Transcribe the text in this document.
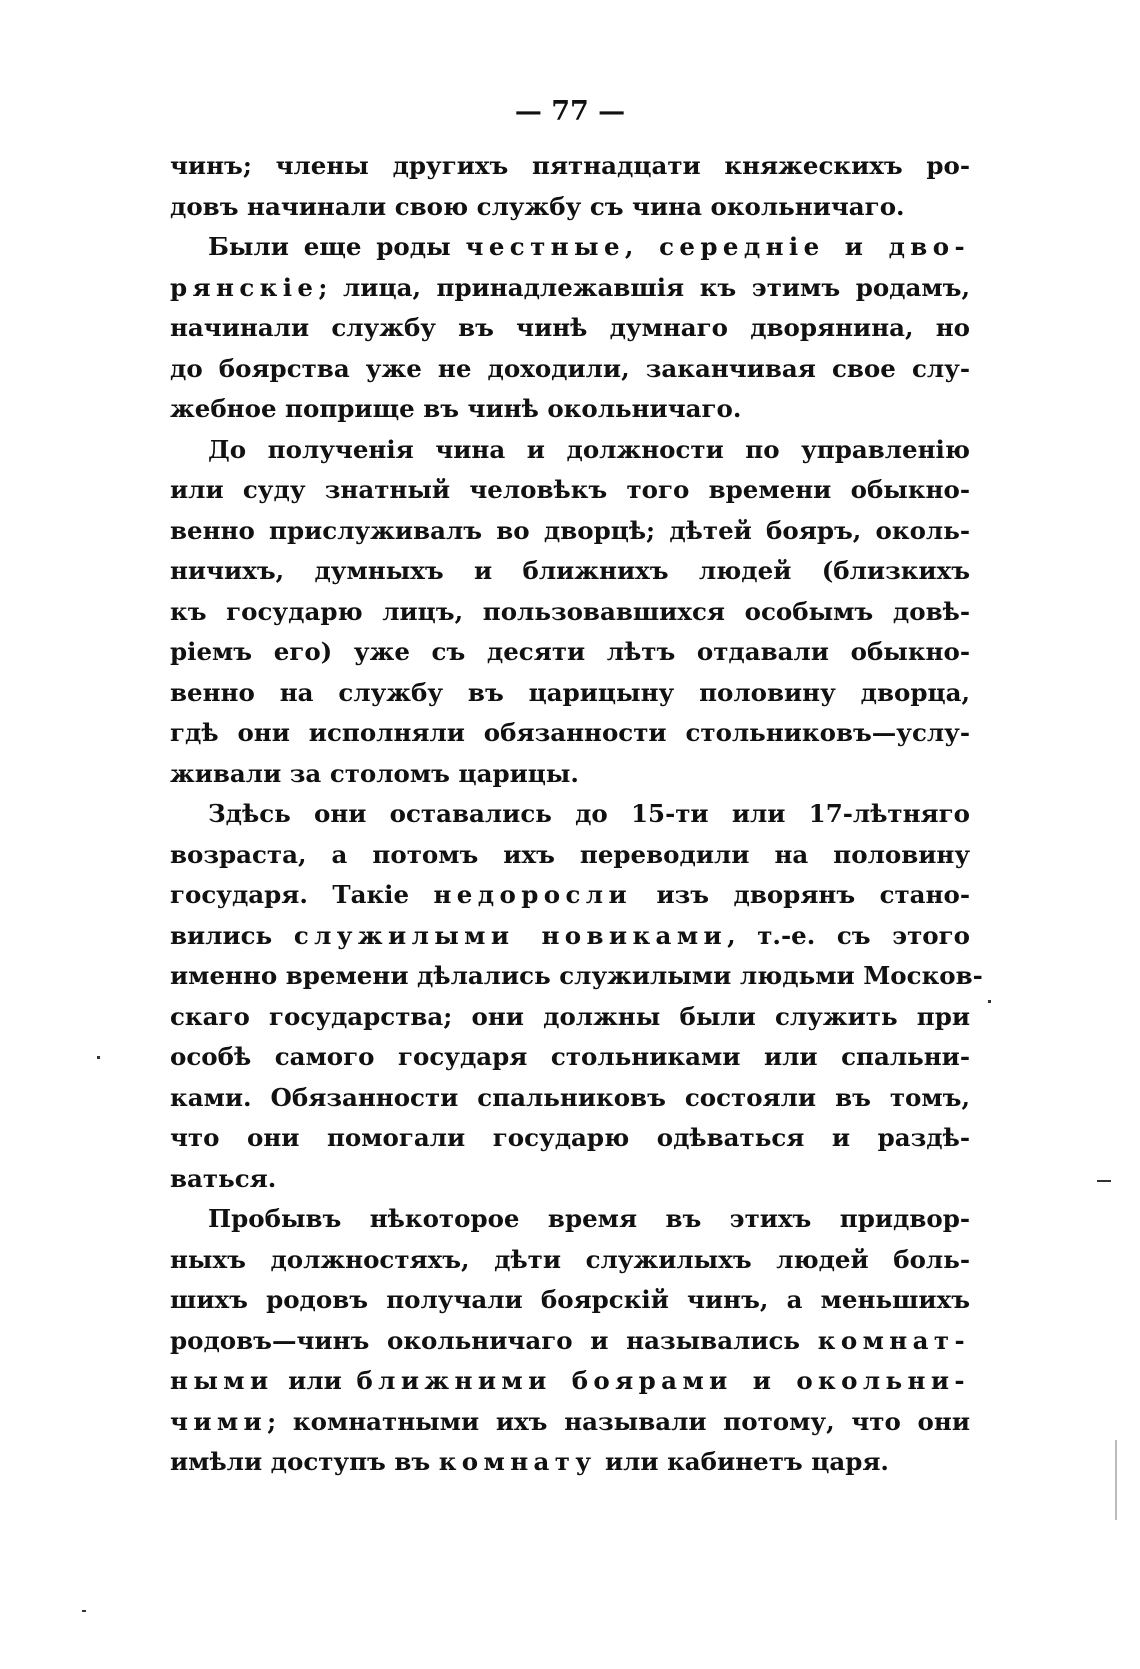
— 77 —
чинъ; члены другихъ пятнадцати княжескихъ ро-
довъ начинали свою службу съ чина окольничаго.
Были еще роды честные, середніе и дво-
рянскіе; лица, принадлежавшія къ этимъ родамъ,
начинали службу въ чинѣ думнаго дворянина, но
до боярства уже не доходили, заканчивая свое слу-
жебное поприще въ чинѣ окольничаго.
До полученія чина и должности по управленію
или суду знатный человѣкъ того времени обыкно-
венно прислуживалъ во дворцѣ; дѣтей бояръ, околь-
ничихъ, думныхъ и ближнихъ людей (близкихъ
къ государю лицъ, пользовавшихся особымъ довѣ-
ріемъ его) уже съ десяти лѣтъ отдавали обыкно-
венно на службу въ царицыну половину дворца,
гдѣ они исполняли обязанности стольниковъ—услу-
живали за столомъ царицы.
Здѣсь они оставались до 15-ти или 17-лѣтняго
возраста, а потомъ ихъ переводили на половину
государя. Такіе недоросли изъ дворянъ стано-
вились служилыми новиками, т.-е. съ этого
именно времени дѣлались служилыми людьми Москов-
скаго государства; они должны были служить при
особѣ самого государя стольниками или спальни-
ками. Обязанности спальниковъ состояли въ томъ,
что они помогали государю одѣваться и раздѣ-
ваться.
Пробывъ нѣкоторое время въ этихъ придвор-
ныхъ должностяхъ, дѣти служилыхъ людей боль-
шихъ родовъ получали боярскій чинъ, а меньшихъ
родовъ—чинъ окольничаго и назывались комнат-
ными или ближними боярами и окольни-
чими; комнатными ихъ называли потому, что они
имѣли доступъ въ комнату или кабинетъ царя.
